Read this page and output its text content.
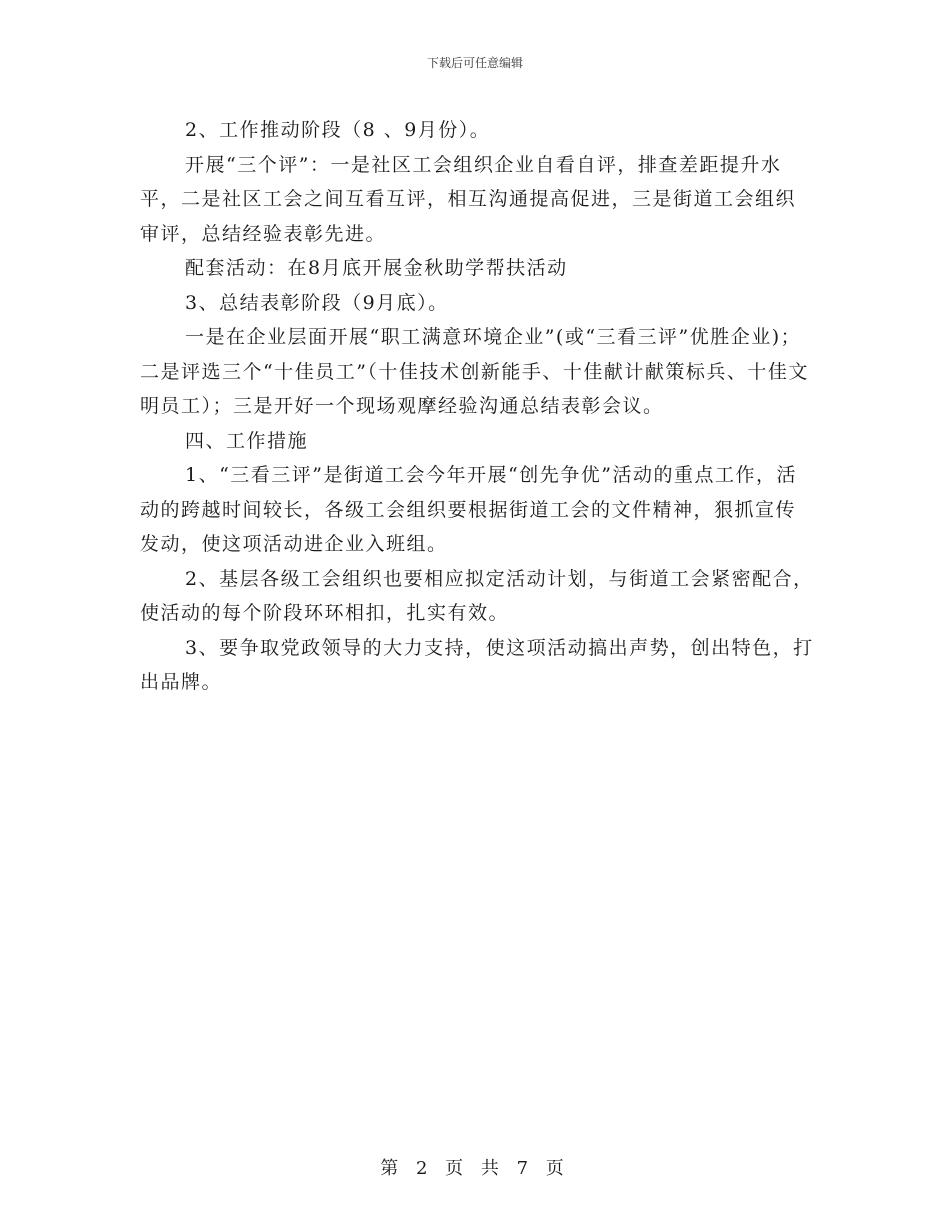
下载后可任意编辑

2、工作推动阶段（8 、9月份）。

开展“三个评”：一是社区工会组织企业自看自评，排查差距提升水平，二是社区工会之间互看互评，相互沟通提高促进，三是街道工会组织审评，总结经验表彰先进。

配套活动：在8月底开展金秋助学帮扶活动

3、总结表彰阶段（9月底）。

一是在企业层面开展“职工满意环境企业”(或“三看三评”优胜企业)；二是评选三个“十佳员工”（十佳技术创新能手、十佳献计献策标兵、十佳文明员工）；三是开好一个现场观摩经验沟通总结表彰会议。

四、工作措施

1、“三看三评”是街道工会今年开展“创先争优”活动的重点工作，活动的跨越时间较长，各级工会组织要根据街道工会的文件精神，狠抓宣传发动，使这项活动进企业入班组。

2、基层各级工会组织也要相应拟定活动计划，与街道工会紧密配合，使活动的每个阶段环环相扣，扎实有效。

3、要争取党政领导的大力支持，使这项活动搞出声势，创出特色，打出品牌。

第 2 页 共 7 页
